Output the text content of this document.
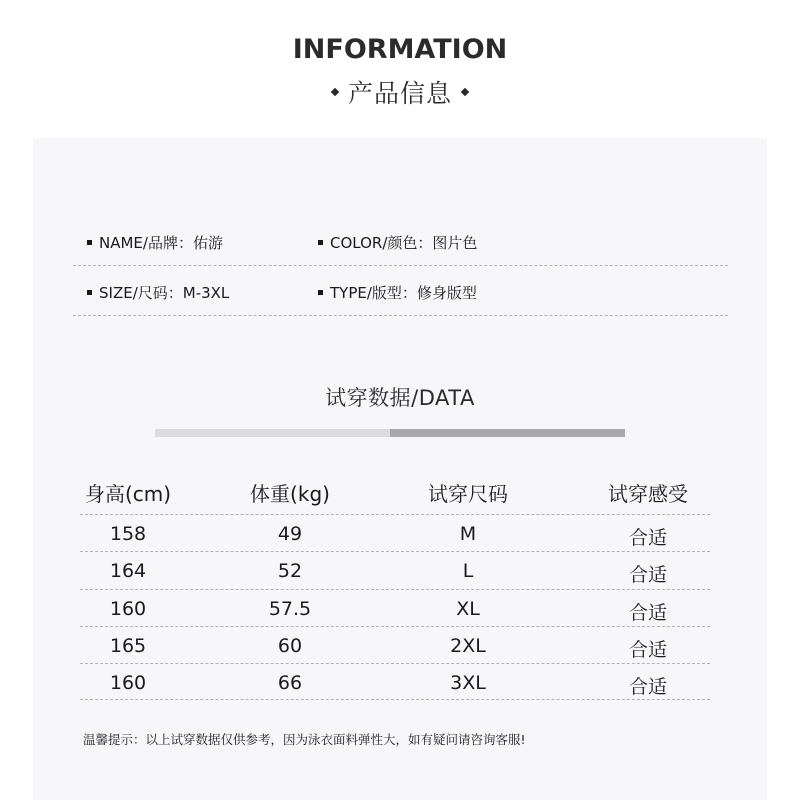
INFORMATION
产品信息
NAME/品牌：佑游	COLOR/颜色：图片色
SIZE/尺码：M-3XL	TYPE/版型：修身版型
试穿数据/DATA
身高(cm)	体重(kg)	试穿尺码	试穿感受
158	49	M	合适
164	52	L	合适
160	57.5	XL	合适
165	60	2XL	合适
160	66	3XL	合适
温馨提示：以上试穿数据仅供参考，因为泳衣面料弹性大，如有疑问请咨询客服!
